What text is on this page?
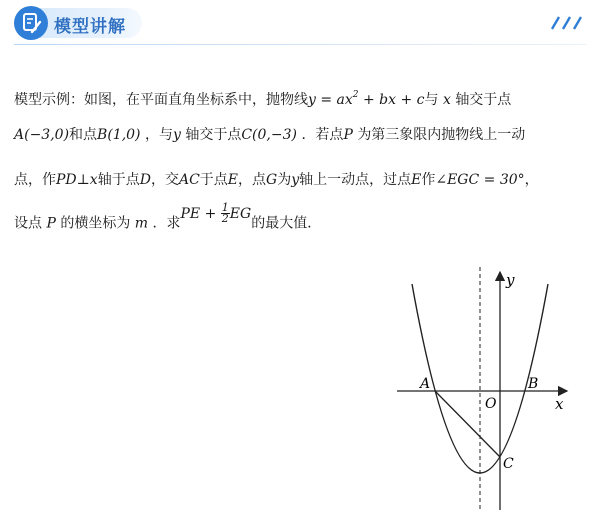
模型讲解
模型示例：如图，在平面直角坐标系中，抛物线$y = ax^2$ + bx + c与 x 轴交于点
A(−3,0)和点B(1,0) ，与y 轴交于点C(0,−3) ．若点P 为第三象限内抛物线上一动
点，作PD⊥x轴于点D，交AC于点E，点G为y轴上一动点，过点E作∠EGC = 30°，
设点 P 的横坐标为 m ．求PE + $\frac{1}{2}$ EG的最大值．
A	B
O
C
x
y
